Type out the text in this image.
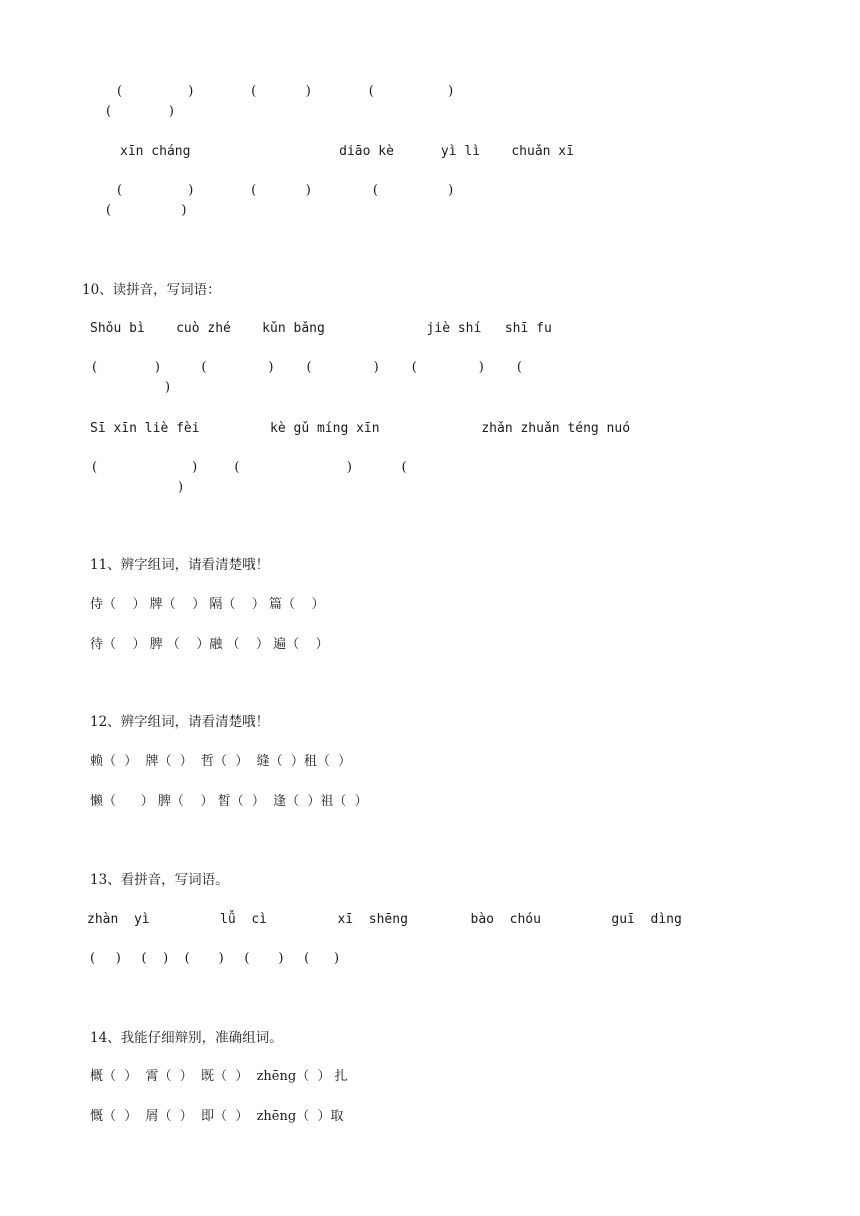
(                )              (            )              (                  )
(              )
xīn cháng                   diāo kè      yì lì    chuǎn xī
(                )              (            )               (                 )
(                 )
10、读拼音，写词语：
Shǒu bì    cuò zhé    kǔn bǎng             jiè shí   shī fu
(              )          (               )        (               )        (               )        (
)
Sī xīn liè fèi         kè gǔ míng xīn             zhǎn zhuǎn téng nuó
(                       )         (                          )            (
)
11、辨字组词，请看清楚哦！
侍（    ） 牌（    ） 隔（    ） 篇（    ）
待（    ） 脾 （    ）融 （    ） 遍（    ）
12、辨字组词，请看清楚哦！
赖（  ）  牌（  ）  哲（  ）  缝（  ）租（  ）
懒（      ） 脾（    ） 皙（  ）  逢（  ）祖（  ）
13、看拼音，写词语。
zhàn  yì         lǚ  cì         xī  shēng        bào  chóu         guī  dìng
(     )     (    )    (       )     (       )     (      )
14、我能仔细辩别，准确组词。
概（  ）  霄（  ）  既（  ）  zhēng（  ） 扎
慨（  ）  屑（  ）  即（  ）  zhēng（  ）取
